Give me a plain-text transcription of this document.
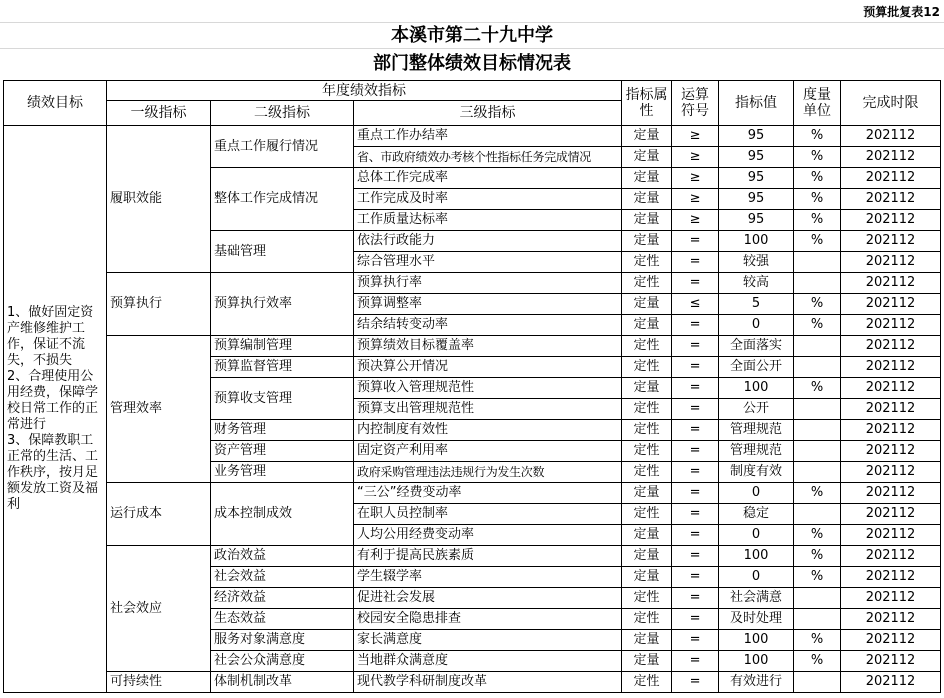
预算批复表12
本溪市第二十九中学
部门整体绩效目标情况表
绩效目标	年度绩效指标			指标属性	运算符号	指标值	度量单位	完成时限
	一级指标	二级指标	三级指标					
1、做好固定资产维修维护工作，保证不流失，不损失
2、合理使用公用经费，保障学校日常工作的正常进行
3、保障教职工正常的生活、工作秩序，按月足额发放工资及福利	履职效能	重点工作履行情况	重点工作办结率	定量	≥	95	%	202112
			省、市政府绩效办考核个性指标任务完成情况	定量	≥	95	%	202112
		整体工作完成情况	总体工作完成率	定量	≥	95	%	202112
			工作完成及时率	定量	≥	95	%	202112
			工作质量达标率	定量	≥	95	%	202112
		基础管理	依法行政能力	定量	=	100	%	202112
			综合管理水平	定性	=	较强		202112
	预算执行	预算执行效率	预算执行率	定性	=	较高		202112
			预算调整率	定量	≤	5	%	202112
			结余结转变动率	定量	=	0	%	202112
	管理效率	预算编制管理	预算绩效目标覆盖率	定性	=	全面落实		202112
		预算监督管理	预决算公开情况	定性	=	全面公开		202112
		预算收支管理	预算收入管理规范性	定量	=	100	%	202112
			预算支出管理规范性	定性	=	公开		202112
		财务管理	内控制度有效性	定性	=	管理规范		202112
		资产管理	固定资产利用率	定性	=	管理规范		202112
		业务管理	政府采购管理违法违规行为发生次数	定性	=	制度有效		202112
	运行成本	成本控制成效	“三公”经费变动率	定量	=	0	%	202112
			在职人员控制率	定性	=	稳定		202112
			人均公用经费变动率	定量	=	0	%	202112
	社会效应	政治效益	有利于提高民族素质	定量	=	100	%	202112
		社会效益	学生辍学率	定量	=	0	%	202112
		经济效益	促进社会发展	定性	=	社会满意		202112
		生态效益	校园安全隐患排查	定性	=	及时处理		202112
		服务对象满意度	家长满意度	定量	=	100	%	202112
		社会公众满意度	当地群众满意度	定量	=	100	%	202112
	可持续性	体制机制改革	现代教学科研制度改革	定性	=	有效进行		202112
